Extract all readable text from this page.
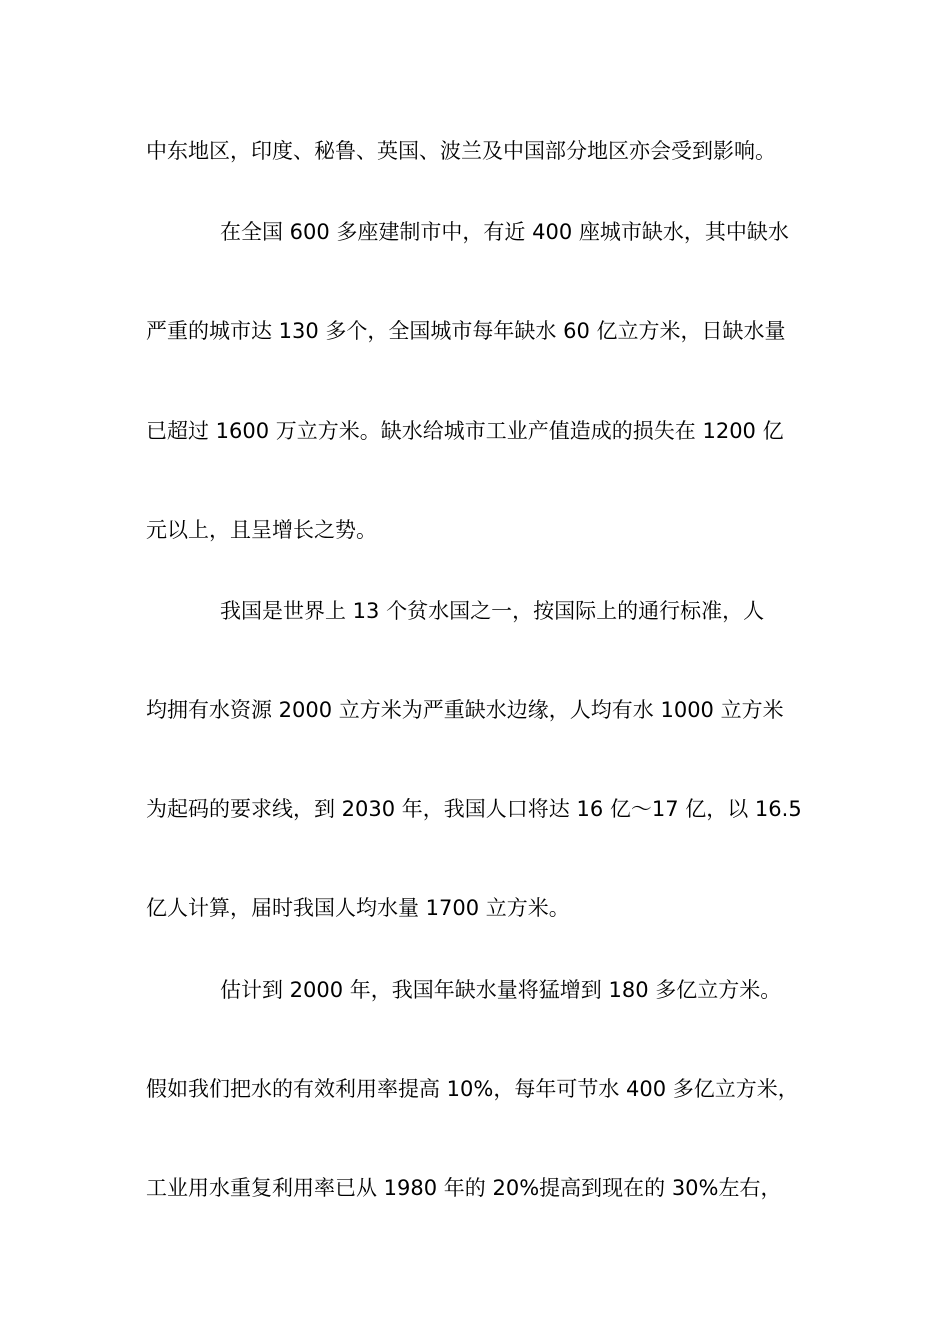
中东地区，印度、秘鲁、英国、波兰及中国部分地区亦会受到影响。
在全国 600 多座建制市中，有近 400 座城市缺水，其中缺水
严重的城市达 130 多个，全国城市每年缺水 60 亿立方米，日缺水量
已超过 1600 万立方米。缺水给城市工业产值造成的损失在 1200 亿
元以上，且呈增长之势。
我国是世界上 13 个贫水国之一，按国际上的通行标准，人
均拥有水资源 2000 立方米为严重缺水边缘，人均有水 1000 立方米
为起码的要求线，到 2030 年，我国人口将达 16 亿～17 亿，以 16.5
亿人计算，届时我国人均水量 1700 立方米。
估计到 2000 年，我国年缺水量将猛增到 180 多亿立方米。
假如我们把水的有效利用率提高 10%，每年可节水 400 多亿立方米，
工业用水重复利用率已从 1980 年的 20%提高到现在的 30%左右，
